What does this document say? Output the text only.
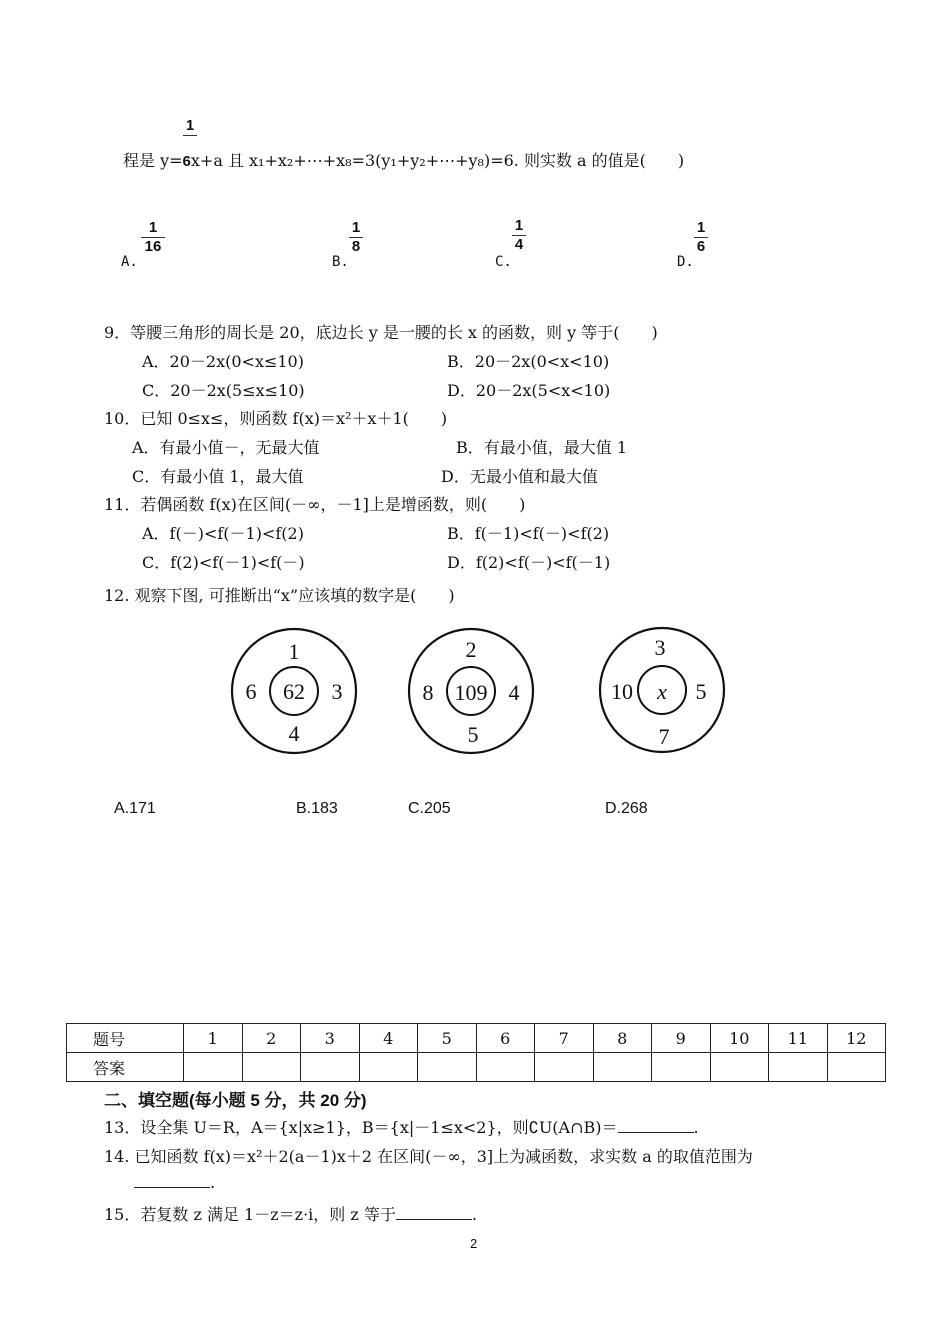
1
程是 y=6x+a 且 x₁+x₂+⋯+x₈=3(y₁+y₂+⋯+y₈)=6. 则实数 a 的值是(　　)
1
16
A.
1
8
B.
1
4
C.
1
6
D.
9．等腰三角形的周长是 20，底边长 y 是一腰的长 x 的函数，则 y 等于(　　)
A．20－2x(0<x≤10)	B．20－2x(0<x<10)
C．20－2x(5≤x≤10)	D．20－2x(5<x<10)
10．已知 0≤x≤，则函数 f(x)＝x²＋x＋1(　　)
A．有最小值－，无最大值	B．有最小值，最大值 1
C．有最小值 1，最大值	D．无最小值和最大值
11．若偶函数 f(x)在区间(－∞，－1]上是增函数，则(　　)
A．f(－)<f(－1)<f(2)	B．f(－1)<f(－)<f(2)
C．f(2)<f(－1)<f(－)	D．f(2)<f(－)<f(－1)
12. 观察下图, 可推断出“x”应该填的数字是(　　)
1
6 62 3
4
2
8 109 4
5
3
10 x 5
7
A.171	B.183	C.205	D.268
题号	1	2	3	4	5	6	7	8	9	10	11	12
答案												
二、填空题(每小题 5 分，共 20 分)
13．设全集 U＝R，A＝{x|x≥1}，B＝{x|－1≤x<2}，则∁U(A∩B)＝	.
14. 已知函数 f(x)＝x²＋2(a－1)x＋2 在区间(－∞，3]上为减函数，求实数 a 的取值范围为
.
15．若复数 z 满足 1－z＝z·i，则 z 等于	.
2
